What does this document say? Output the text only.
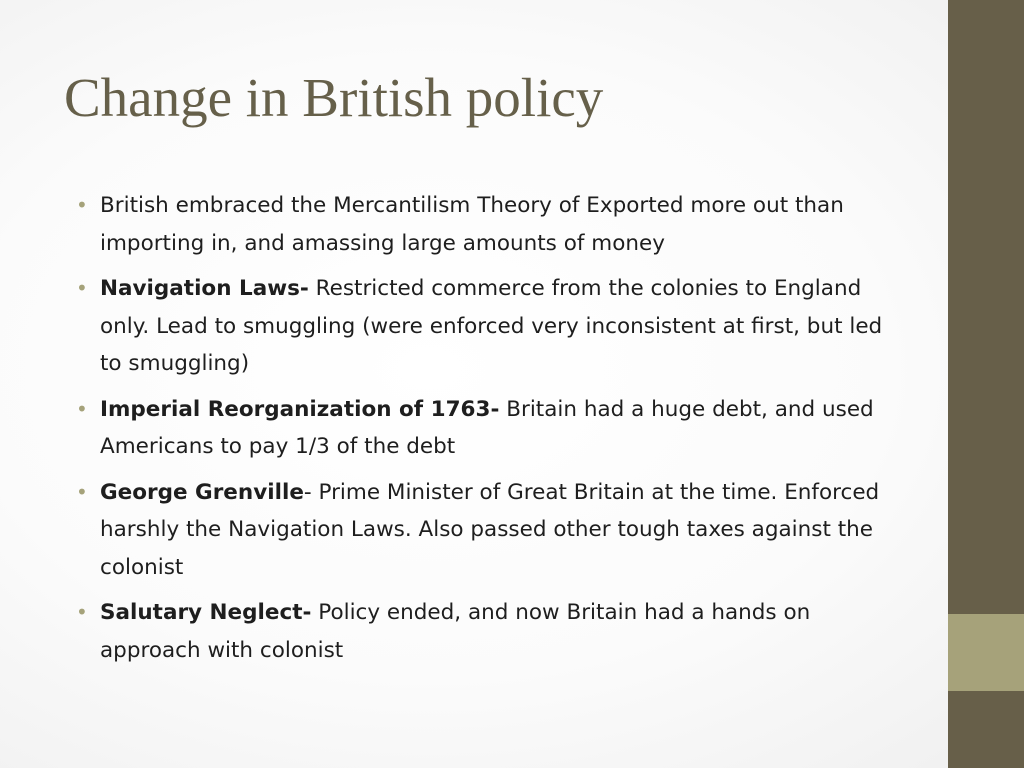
Change in British policy
• British embraced the Mercantilism Theory of Exported more out than importing in, and amassing large amounts of money
• Navigation Laws- Restricted commerce from the colonies to England only. Lead to smuggling (were enforced very inconsistent at first, but led to smuggling)
• Imperial Reorganization of 1763- Britain had a huge debt, and used Americans to pay 1/3 of the debt
• George Grenville- Prime Minister of Great Britain at the time. Enforced harshly the Navigation Laws. Also passed other tough taxes against the colonist
• Salutary Neglect- Policy ended, and now Britain had a hands on approach with colonist
